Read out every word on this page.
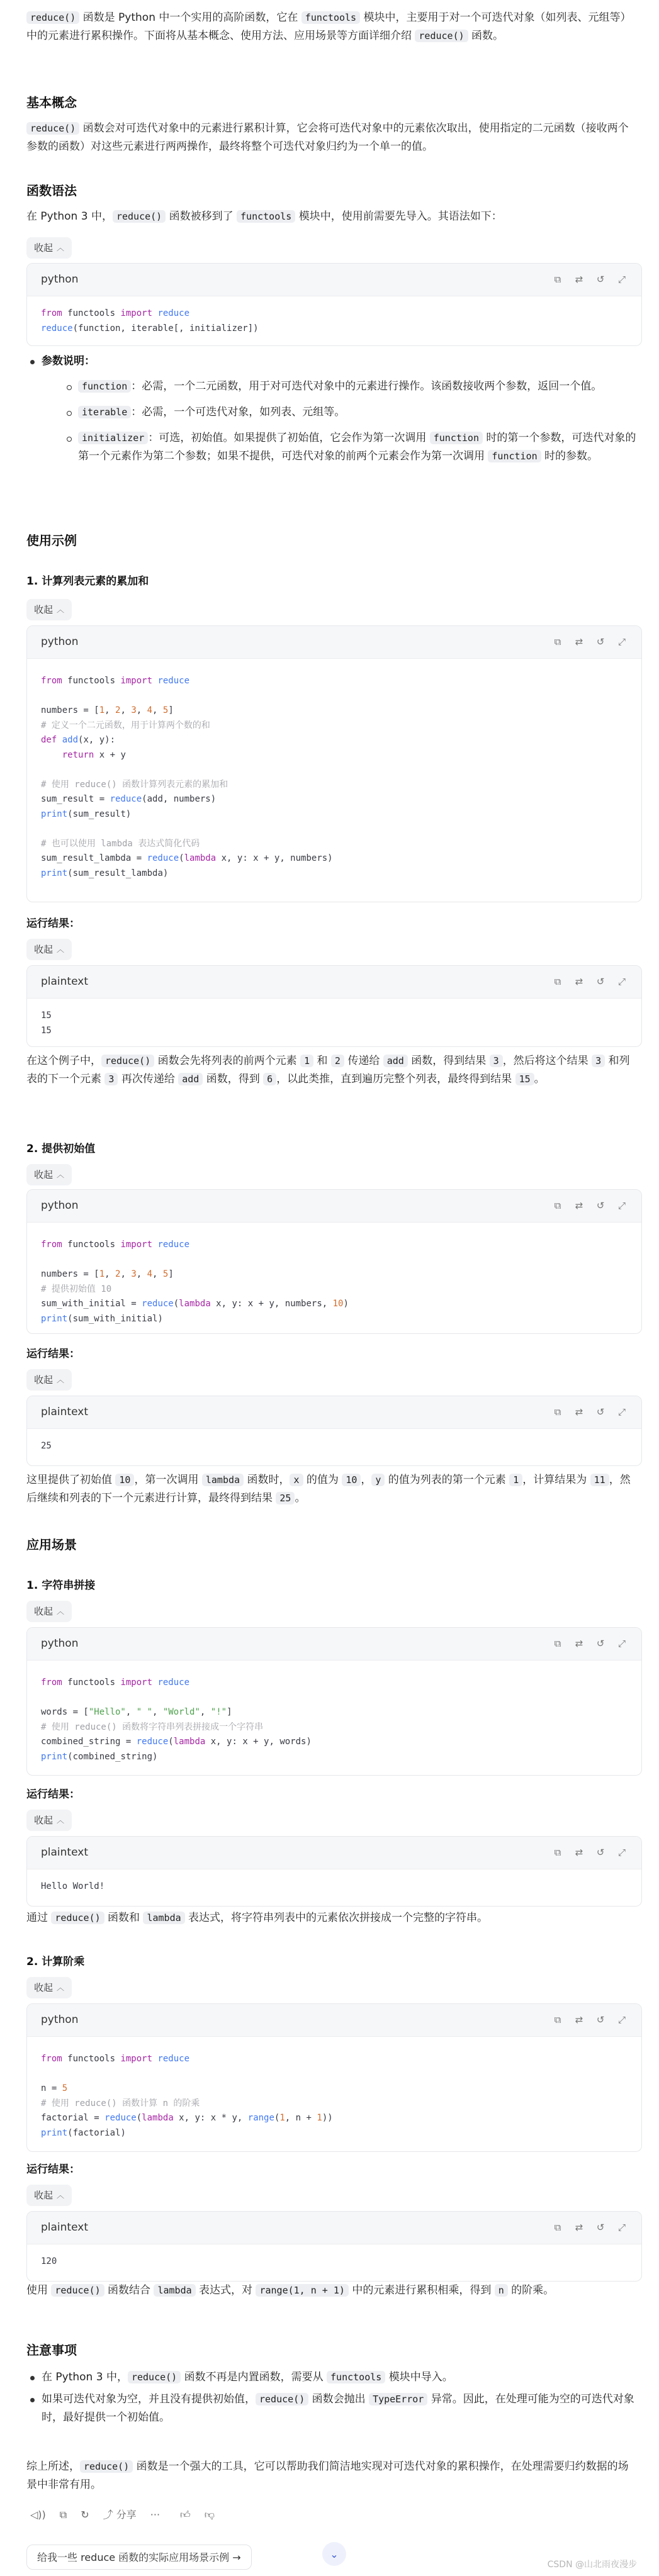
reduce() 函数是 Python 中一个实用的高阶函数，它在 functools 模块中，主要用于对一个可迭代对象（如列表、元组等）中的元素进行累积操作。下面将从基本概念、使用方法、应用场景等方面详细介绍 reduce() 函数。

基本概念

reduce() 函数会对可迭代对象中的元素进行累积计算，它会将可迭代对象中的元素依次取出，使用指定的二元函数（接收两个参数的函数）对这些元素进行两两操作，最终将整个可迭代对象归约为一个单一的值。

函数语法

在 Python 3 中， reduce() 函数被移到了 functools 模块中，使用前需要先导入。其语法如下：

收起 ︿
python	⧉ ⇄ ↺ ⤢
from functools import reduce
reduce(function, iterable[, initializer])
参数说明：
function ：必需，一个二元函数，用于对可迭代对象中的元素进行操作。该函数接收两个参数，返回一个值。
iterable ：必需，一个可迭代对象，如列表、元组等。
initializer ：可选，初始值。如果提供了初始值，它会作为第一次调用 function 时的第一个参数，可迭代对象的第一个元素作为第二个参数；如果不提供，可迭代对象的前两个元素会作为第一次调用 function 时的参数。
使用示例
1. 计算列表元素的累加和
收起 ︿
python	⧉ ⇄ ↺ ⤢
from functools import reduce

numbers = [1, 2, 3, 4, 5]
# 定义一个二元函数，用于计算两个数的和
def add(x, y):
return x + y

# 使用 reduce() 函数计算列表元素的累加和
sum_result = reduce(add, numbers)
print(sum_result)

# 也可以使用 lambda 表达式简化代码
sum_result_lambda = reduce(lambda x, y: x + y, numbers)
print(sum_result_lambda)
运行结果：
收起 ︿
plaintext	⧉ ⇄ ↺ ⤢
15
15

在这个例子中， reduce() 函数会先将列表的前两个元素 1 和 2 传递给 add 函数，得到结果 3 ，然后将这个结果 3 和列表的下一个元素 3 再次传递给 add 函数，得到 6 ，以此类推，直到遍历完整个列表，最终得到结果 15 。

2. 提供初始值
收起 ︿
python	⧉ ⇄ ↺ ⤢
from functools import reduce

numbers = [1, 2, 3, 4, 5]
# 提供初始值 10
sum_with_initial = reduce(lambda x, y: x + y, numbers, 10)
print(sum_with_initial)
运行结果：
收起 ︿
plaintext	⧉ ⇄ ↺ ⤢
25

这里提供了初始值 10 ，第一次调用 lambda 函数时， x 的值为 10 ， y 的值为列表的第一个元素 1 ，计算结果为 11 ，然后继续和列表的下一个元素进行计算，最终得到结果 25 。

应用场景
1. 字符串拼接
收起 ︿
python	⧉ ⇄ ↺ ⤢
from functools import reduce

words = ["Hello", " ", "World", "!"]
# 使用 reduce() 函数将字符串列表拼接成一个字符串
combined_string = reduce(lambda x, y: x + y, words)
print(combined_string)
运行结果：
收起 ︿
plaintext	⧉ ⇄ ↺ ⤢
Hello World!

通过 reduce() 函数和 lambda 表达式，将字符串列表中的元素依次拼接成一个完整的字符串。

2. 计算阶乘
收起 ︿
python	⧉ ⇄ ↺ ⤢
from functools import reduce

n = 5
# 使用 reduce() 函数计算 n 的阶乘
factorial = reduce(lambda x, y: x * y, range(1, n + 1))
print(factorial)
运行结果：
收起 ︿
plaintext	⧉ ⇄ ↺ ⤢
120

使用 reduce() 函数结合 lambda 表达式，对 range(1, n + 1) 中的元素进行累积相乘，得到 n 的阶乘。

注意事项
在 Python 3 中， reduce() 函数不再是内置函数，需要从 functools 模块中导入。
如果可迭代对象为空，并且没有提供初始值， reduce() 函数会抛出 TypeError 异常。因此，在处理可能为空的可迭代对象时，最好提供一个初始值。

综上所述， reduce() 函数是一个强大的工具，它可以帮助我们简洁地实现对可迭代对象的累积操作，在处理需要归约数据的场景中非常有用。

◁)) ⧉ ↻ ⤴ 分享 ··· 👍︎ 👎︎
给我一些 reduce 函数的实际应用场景示例 →	⌄
CSDN @山北雨夜漫步
